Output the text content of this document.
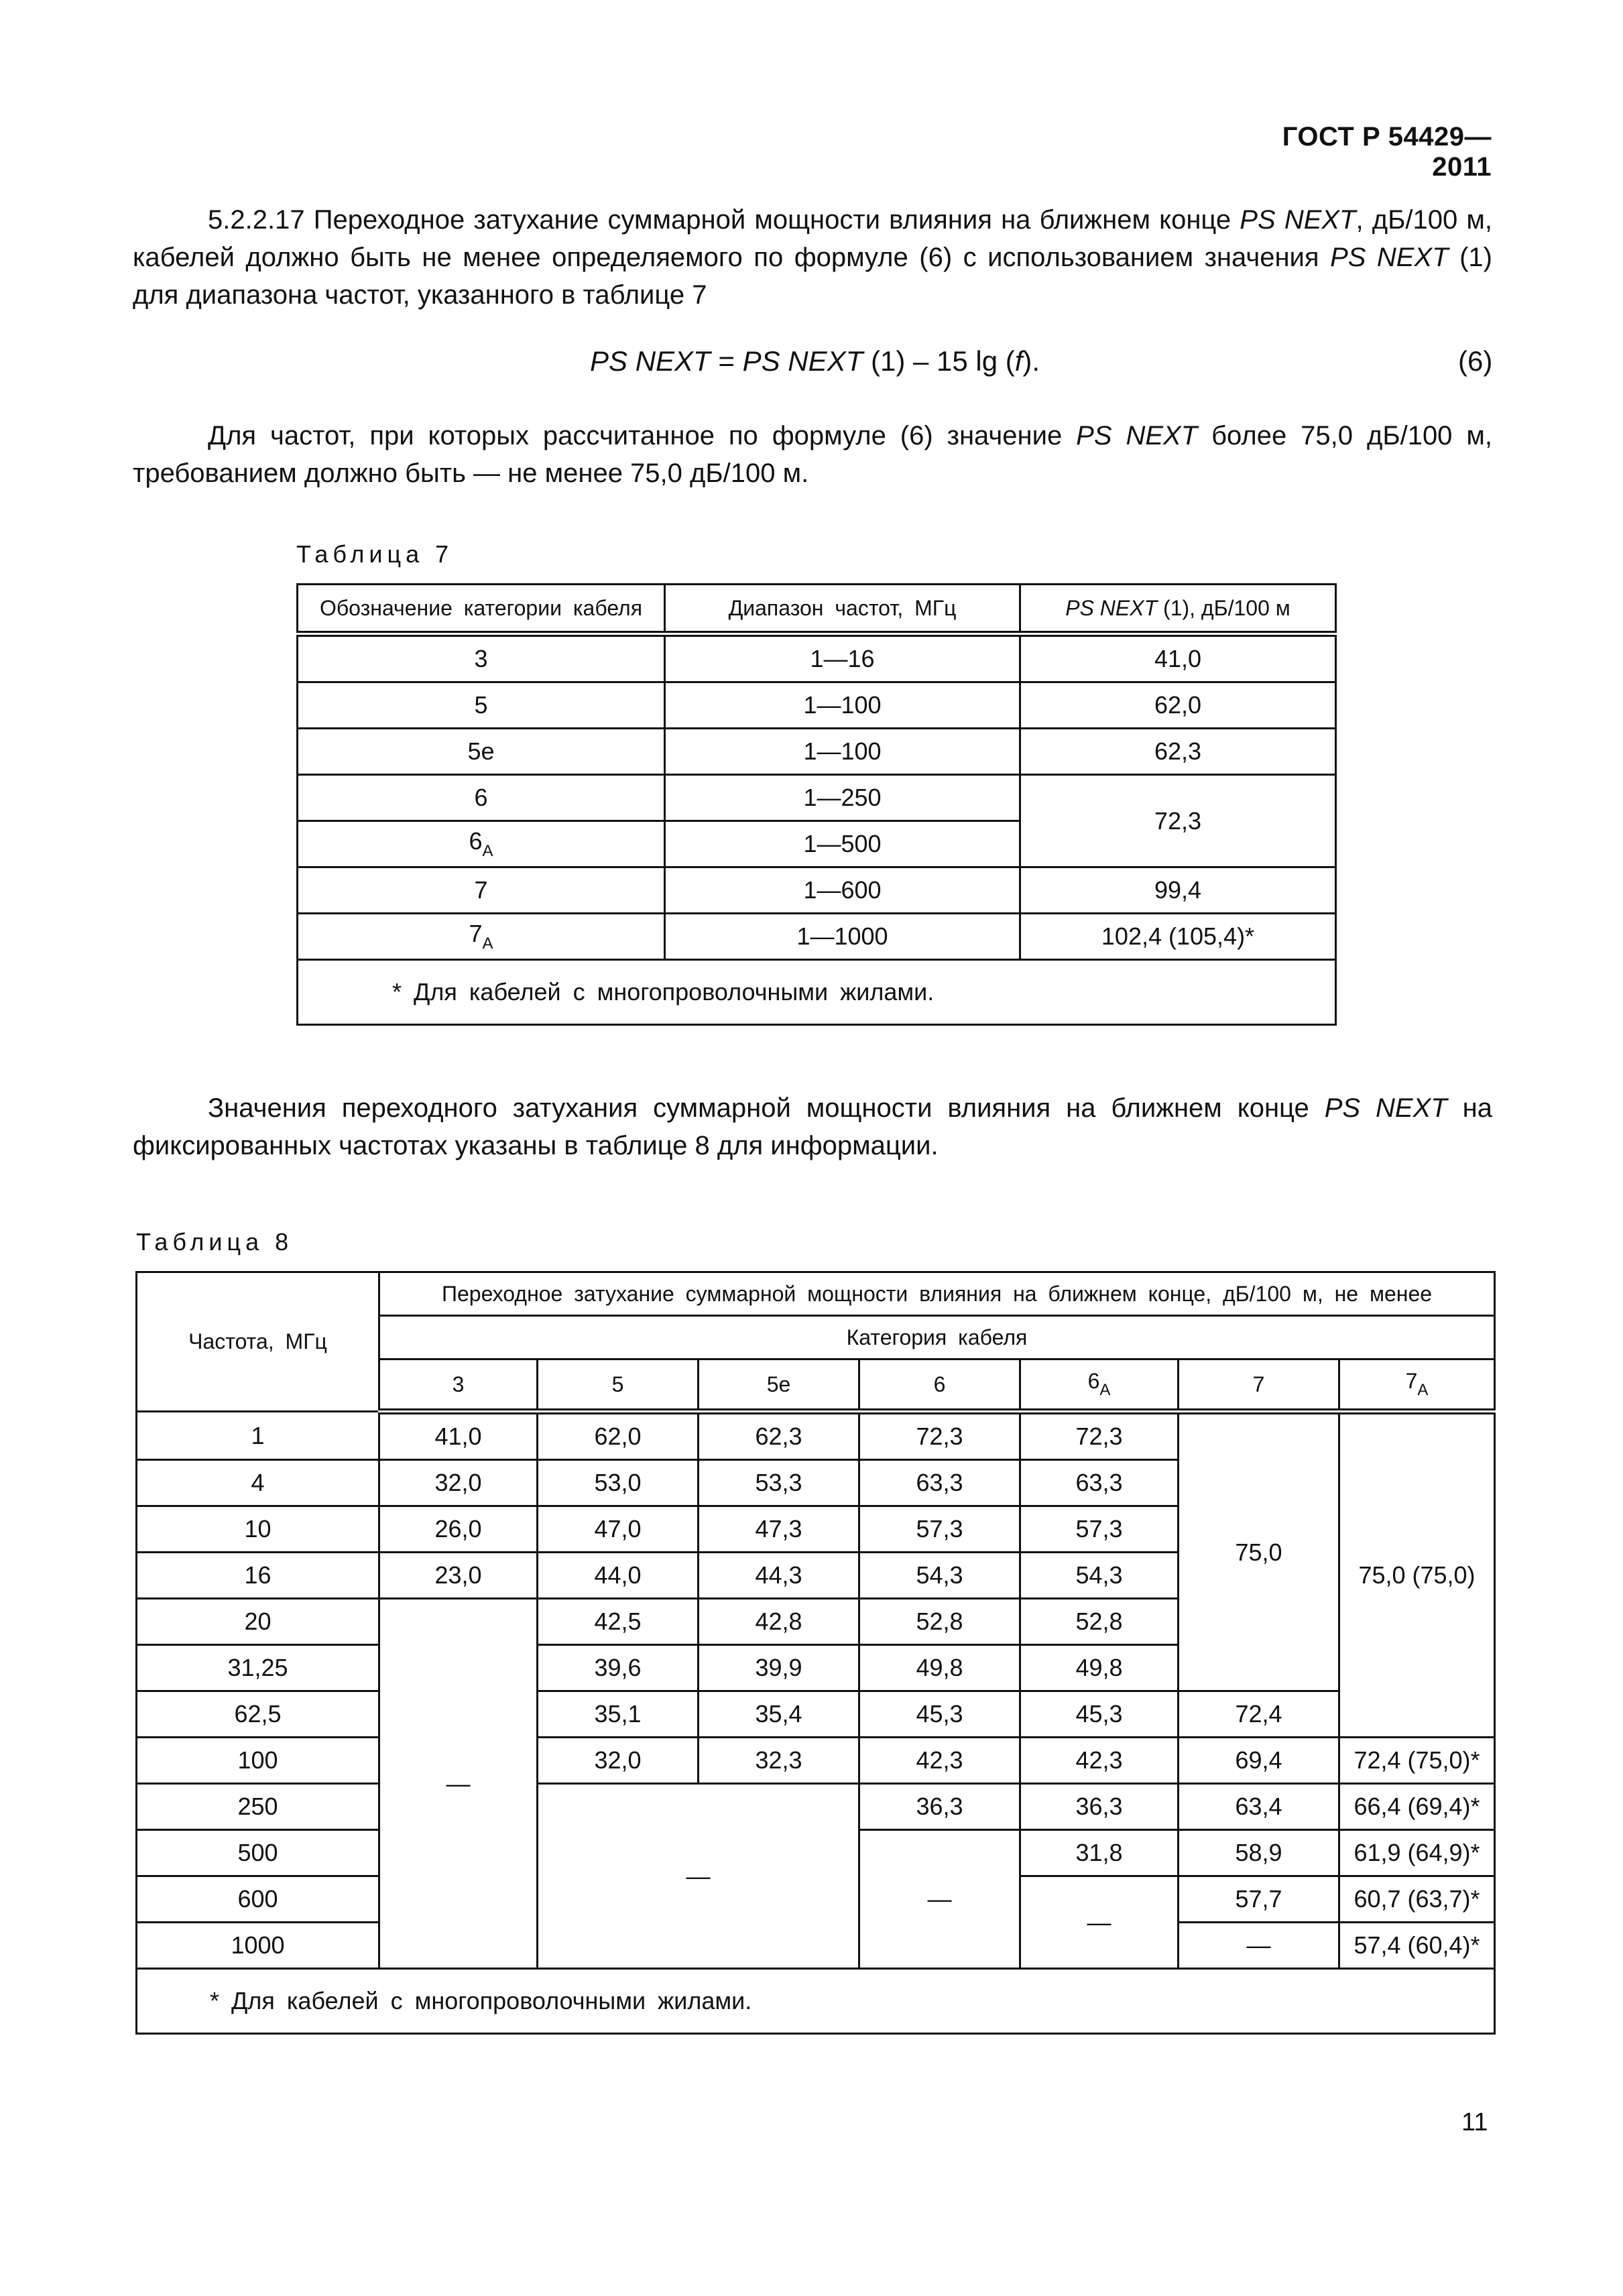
ГОСТ Р 54429—2011

5.2.2.17 Переходное затухание суммарной мощности влияния на ближнем конце PS NEXT, дБ/100 м, кабелей должно быть не менее определяемого по формуле (6) с использованием значения PS NEXT (1) для диапазона частот, указанного в таблице 7

PS NEXT = PS NEXT (1) – 15 lg (f).	(6)

Для частот, при которых рассчитанное по формуле (6) значение PS NEXT более 75,0 дБ/100 м, требованием должно быть — не менее 75,0 дБ/100 м.

Таблица 7
Обозначение категории кабеля	Диапазон частот, МГц	PS NEXT (1), дБ/100 м
3	1—16	41,0
5	1—100	62,0
5e	1—100	62,3
6	1—250	72,3
$6_A$	1—500	
7	1—600	99,4
$7_A$	1—1000	102,4 (105,4)*
* Для кабелей с многопроволочными жилами.		

Значения переходного затухания суммарной мощности влияния на ближнем конце PS NEXT на фиксированных частотах указаны в таблице 8 для информации.

Таблица 8
Частота, МГц	Переходное затухание суммарной мощности влияния на ближнем конце, дБ/100 м, не менее						
	Категория кабеля						
	3	5	5e	6	$6_A$	7	$7_A$
1	41,0	62,0	62,3	72,3	72,3	75,0	75,0 (75,0)
4	32,0	53,0	53,3	63,3	63,3		
10	26,0	47,0	47,3	57,3	57,3		
16	23,0	44,0	44,3	54,3	54,3		
20	—	42,5	42,8	52,8	52,8		
31,25		39,6	39,9	49,8	49,8		
62,5		35,1	35,4	45,3	45,3	72,4	
100		32,0	32,3	42,3	42,3	69,4	72,4 (75,0)*
250		—		36,3	36,3	63,4	66,4 (69,4)*
500				—	31,8	58,9	61,9 (64,9)*
600					—	57,7	60,7 (63,7)*
1000						—	57,4 (60,4)*
* Для кабелей с многопроволочными жилами.							
11
